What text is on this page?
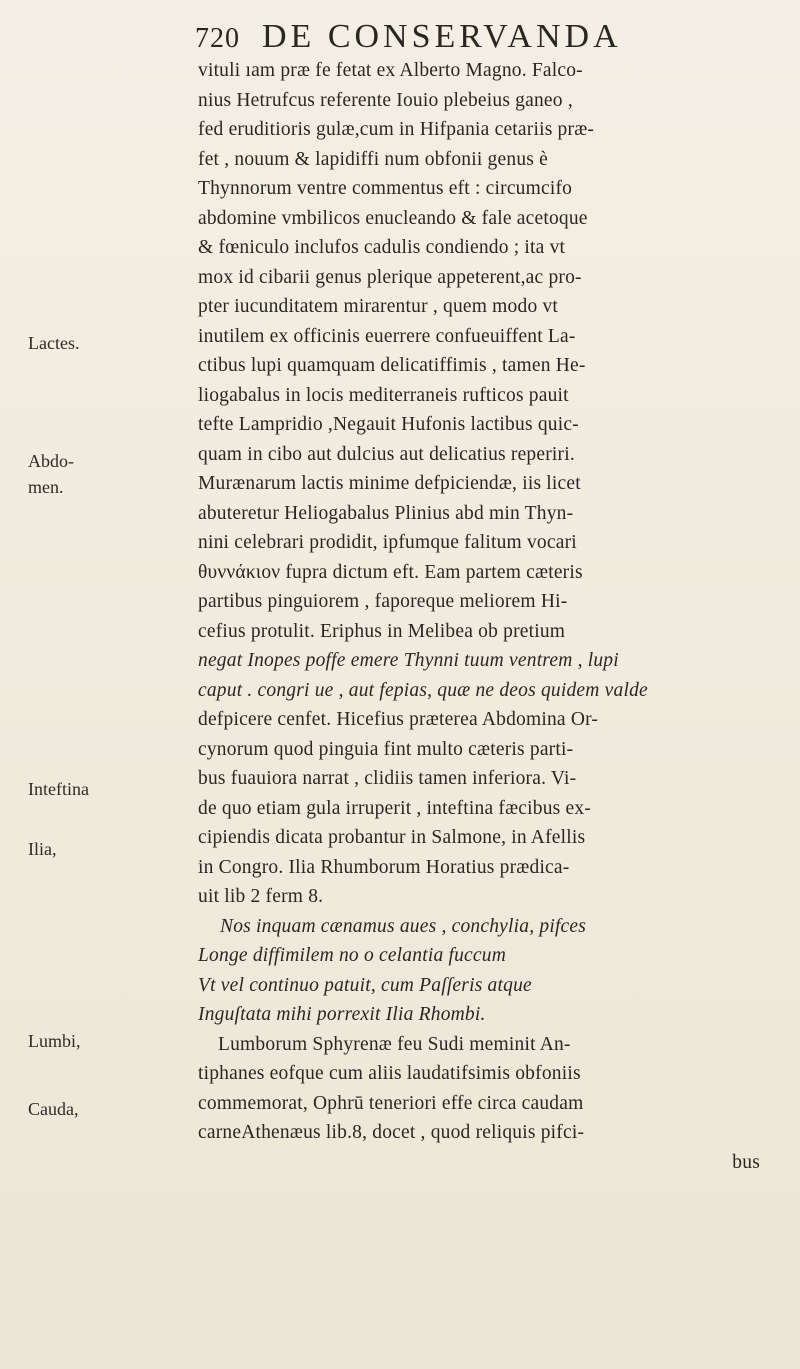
720 DE CONSERVANDA
vituli ıam præ fe fetat ex Alberto Magno. Falco-
nius Hetrufcus referente Iouio plebeius ganeo ,
fed eruditioris gulæ,cum in Hifpania cetariis præ-
fet , nouum & lapidiffi num obfonii genus è
Thynnorum ventre commentus eft : circumcifo
abdomine vmbilicos enucleando & fale acetoque
& fœniculo inclufos cadulis condiendo ; ita vt
mox id cibarii genus plerique appeterent,ac pro-
pter iucunditatem mirarentur , quem modo vt
inutilem ex officinis euerrere confueuiffent La-
ctibus lupi quamquam delicatiffimis , tamen He-
liogabalus in locis mediterraneis rufticos pauit
tefte Lampridio ,Negauit Hufonis lactibus quic-
quam in cibo aut dulcius aut delicatius reperiri.
Murænarum lactis minime defpiciendæ, iis licet
abuteretur Heliogabalus Plinius abd min Thyn-
nini celebrari prodidit, ipfumque falitum vocari
θυννάκιον fupra dictum eft. Eam partem cæteris
partibus pinguiorem , faporeque meliorem Hi-
cefius protulit. Eriphus in Melibea ob pretium
negat Inopes poffe emere Thynni tuum ventrem , lupi
caput . congri ue , aut fepias, quæ ne deos quidem valde
defpicere cenfet. Hicefius præterea Abdomina Or-
cynorum quod pinguia fint multo cæteris parti-
bus fuauiora narrat , clidiis tamen inferiora. Vi-
de quo etiam gula irruperit , inteftina fæcibus ex-
cipiendis dicata probantur in Salmone, in Afellis
in Congro. Ilia Rhumborum Horatius prædica-
uit lib 2 ferm 8.
Nos inquam cænamus aues , conchylia, pifces
Longe diffimilem no o celantia fuccum
Vt vel continuo patuit, cum Paſſeris atque
Inguſtata mihi porrexit Ilia Rhombi.
Lumborum Sphyrenæ feu Sudi meminit An-
tiphanes eofque cum aliis laudatifsimis obfoniis
commemorat, Ophrū teneriori effe circa caudam
carneAthenæus lib.8, docet , quod reliquis pifci-
bus
Lactes.
Abdo-
men.
Inteftina
Ilia,
Lumbi,
Cauda,
